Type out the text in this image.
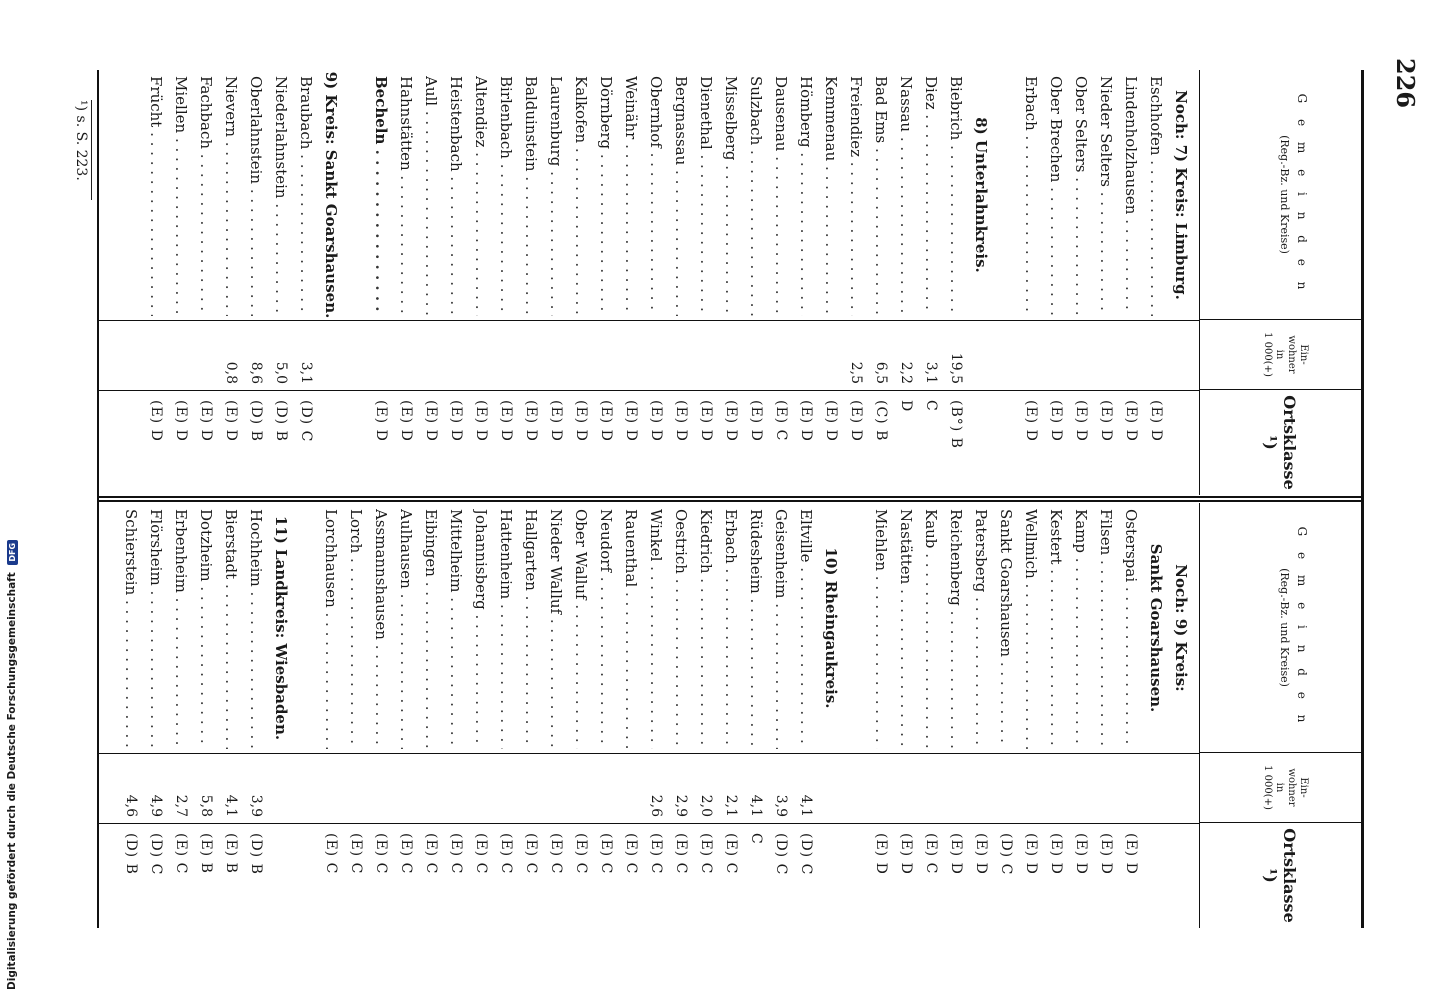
226
G e m e i n d e n
(Reg.-Bz. und Kreise)
Ein-
wohner
in
1 000(+)
Ortsklasse ¹)
Noch: 7) Kreis: Limburg.
Eschhofen . . .
(E) D
Lindenholzhausen . . .
(E) D
Nieder Selters . . .
(E) D
Ober Selters . . .
(E) D
Ober Brechen . . .
(E) D
Erbach . . .
(E) D
8) Unterlahnkreis.
Biebrich . . .
19,5
(B°) B
Diez . . .
3,1
C
Nassau . . .
2,2
D
Bad Ems . . .
6,5
(C) B
Freiendiez . . .
2,5
(E) D
Kemmenau . . .
(E) D
Hömberg . . .
(E) D
Dausenau . . .
(E) C
Sulzbach . . .
(E) D
Misselberg . . .
(E) D
Dienethal . . .
(E) D
Bergnassau . . .
(E) D
Obernhof . . .
(E) D
Weinähr . . .
(E) D
Dörnberg . . .
(E) D
Kalkofen . . .
(E) D
Laurenburg . . .
(E) D
Balduinstein . . .
(E) D
Birlenbach . . .
(E) D
Altendiez . . .
(E) D
Heistenbach . . .
(E) D
Aull . . .
(E) D
Hahnstätten . . .
(E) D
Becheln . . .
(E) D
9) Kreis: Sankt Goarshausen.
Braubach . . .
3,1
(D) C
Niederlahnstein . . .
5,0
(D) B
Oberlahnstein . . .
8,6
(D) B
Nievern . . .
0,8
(E) D
Fachbach . . .
(E) D
Miellen . . .
(E) D
Frücht . . .
(E) D
G e m e i n d e n
(Reg.-Bz. und Kreise)
Ein-
wohner
in
1 000(+)
Ortsklasse ¹)
Noch: 9) Kreis:
Sankt Goarshausen.
Osterspai . . .
(E) D
Filsen . . .
(E) D
Kamp . . .
(E) D
Kestert . . .
(E) D
Wellmich . . .
(E) D
Sankt Goarshausen . . .
(D) C
Patersberg . . .
(E) D
Reichenberg . . .
(E) D
Kaub . . .
(E) C
Nastätten . . .
(E) D
Miehlen . . .
(E) D
10) Rheingaukreis.
Eltville . . .
4,1
(D) C
Geisenheim . . .
3,9
(D) C
Rüdesheim . . .
4,1
C
Erbach . . .
2,1
(E) C
Kiedrich . . .
2,0
(E) C
Oestrich . . .
2,9
(E) C
Winkel . . .
2,6
(E) C
Rauenthal . . .
(E) C
Neudorf . . .
(E) C
Ober Walluf . . .
(E) C
Nieder Walluf . . .
(E) C
Hallgarten . . .
(E) C
Hattenheim . . .
(E) C
Johannisberg . . .
(E) C
Mittelheim . . .
(E) C
Eibingen . . .
(E) C
Aulhausen . . .
(E) C
Assmannshausen . . .
(E) C
Lorch . . .
(E) C
Lorchhausen . . .
(E) C
11) Landkreis: Wiesbaden.
Hochheim . . .
3,9
(D) B
Bierstadt . . .
4,1
(E) B
Dotzheim . . .
5,8
(E) B
Erbenheim . . .
2,7
(E) C
Flörsheim . . .
4,9
(D) C
Schierstein . . .
4,6
(D) B
¹) s. S. 223.
Digitalisierung gefördert durch die Deutsche Forschungsgemeinschaft DFG
